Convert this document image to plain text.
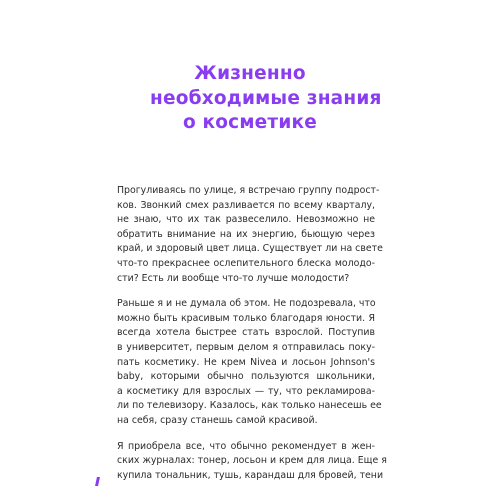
Жизненно
необходимые знания
о косметике

Прогуливаясь по улице, я встречаю группу подрост-
ков. Звонкий смех разливается по всему кварталу,
не знаю, что их так развеселило. Невозможно не
обратить внимание на их энергию, бьющую через
край, и здоровый цвет лица. Существует ли на свете
что-то прекраснее ослепительного блеска молодо-
сти? Есть ли вообще что-то лучше молодости?

Раньше я и не думала об этом. Не подозревала, что
можно быть красивым только благодаря юности. Я
всегда хотела быстрее стать взрослой. Поступив
в университет, первым делом я отправилась поку-
пать косметику. Не крем Nivea и лосьон Johnson's
baby, которыми обычно пользуются школьники,
а косметику для взрослых — ту, что рекламирова-
ли по телевизору. Казалось, как только нанесешь ее
на себя, сразу станешь самой красивой.

Я приобрела все, что обычно рекомендует в жен-
ских журналах: тонер, лосьон и крем для лица. Еще я
купила тональник, тушь, карандаш для бровей, тени
